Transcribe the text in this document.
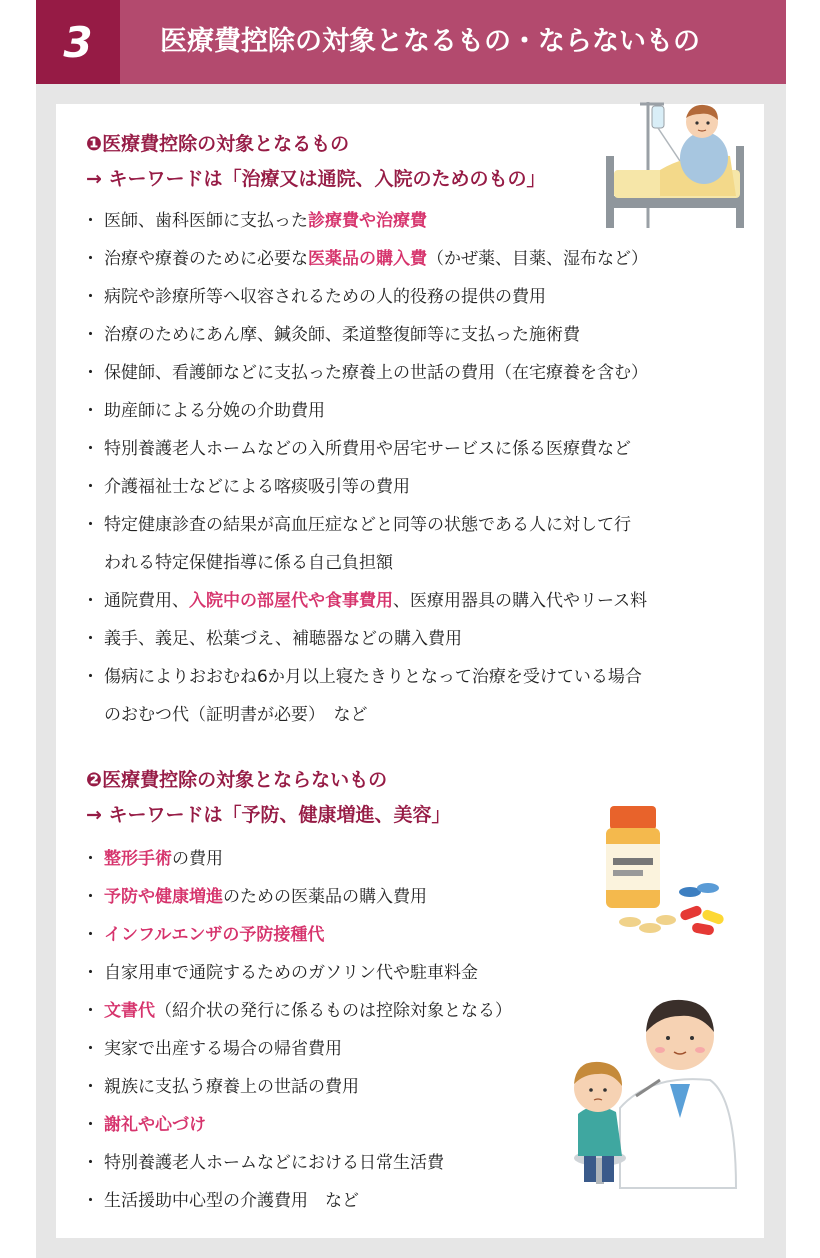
3 医療費控除の対象となるもの・ならないもの
❶医療費控除の対象となるもの
→ キーワードは「治療又は通院、入院のためのもの」
・ 医師、歯科医師に支払った診療費や治療費
・ 治療や療養のために必要な医薬品の購入費（かぜ薬、目薬、湿布など）
・ 病院や診療所等へ収容されるための人的役務の提供の費用
・ 治療のためにあん摩、鍼灸師、柔道整復師等に支払った施術費
・ 保健師、看護師などに支払った療養上の世話の費用（在宅療養を含む）
・ 助産師による分娩の介助費用
・ 特別養護老人ホームなどの入所費用や居宅サービスに係る医療費など
・ 介護福祉士などによる喀痰吸引等の費用
・ 特定健康診査の結果が高血圧症などと同等の状態である人に対して行
われる特定保健指導に係る自己負担額
・ 通院費用、入院中の部屋代や食事費用、医療用器具の購入代やリース料
・ 義手、義足、松葉づえ、補聴器などの購入費用
・ 傷病によりおおむね6か月以上寝たきりとなって治療を受けている場合
のおむつ代（証明書が必要）　など
❷医療費控除の対象とならないもの
→ キーワードは「予防、健康増進、美容」
・ 整形手術の費用
・ 予防や健康増進のための医薬品の購入費用
・ インフルエンザの予防接種代
・ 自家用車で通院するためのガソリン代や駐車料金
・ 文書代（紹介状の発行に係るものは控除対象となる）
・ 実家で出産する場合の帰省費用
・ 親族に支払う療養上の世話の費用
・ 謝礼や心づけ
・ 特別養護老人ホームなどにおける日常生活費
・ 生活援助中心型の介護費用　など
